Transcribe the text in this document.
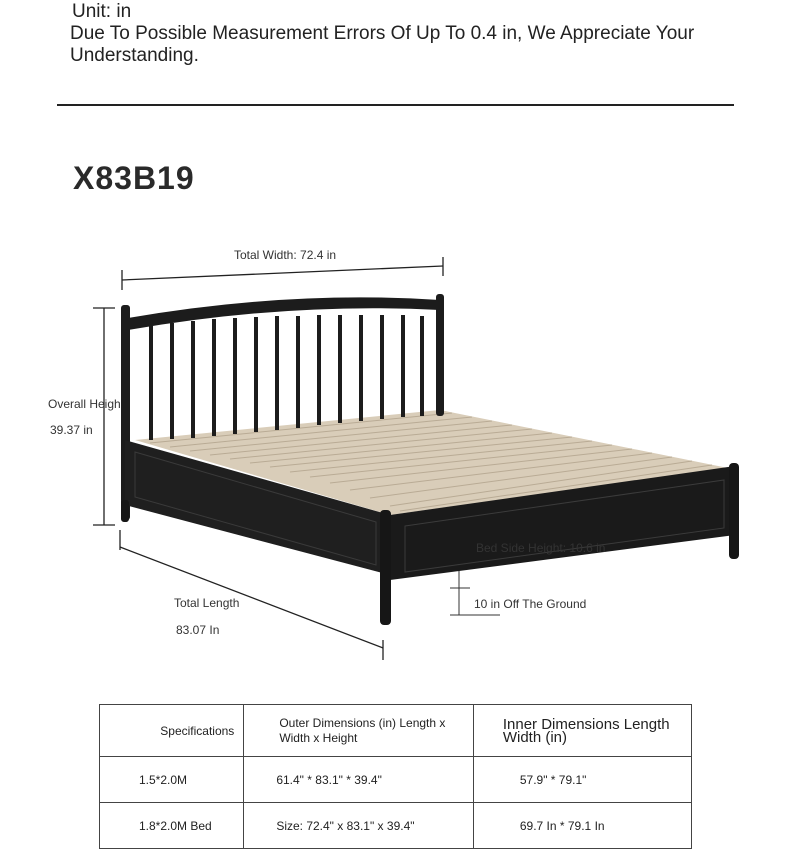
Unit: in
Due To Possible Measurement Errors Of Up To 0.4 in, We Appreciate Your Understanding.
X83B19
Total Width: 72.4 in
Overall Heigh
39.37 in
Bed Side Height: 10.6 in
Total Length	10 in Off The Ground
83.07 In
Specifications	Outer Dimensions (in) Length x Width x Height	Inner Dimensions Length Width (in)
1.5*2.0M	61.4" * 83.1" * 39.4"	57.9" * 79.1"
1.8*2.0M Bed	Size: 72.4" x 83.1" x 39.4"	69.7 In * 79.1 In
